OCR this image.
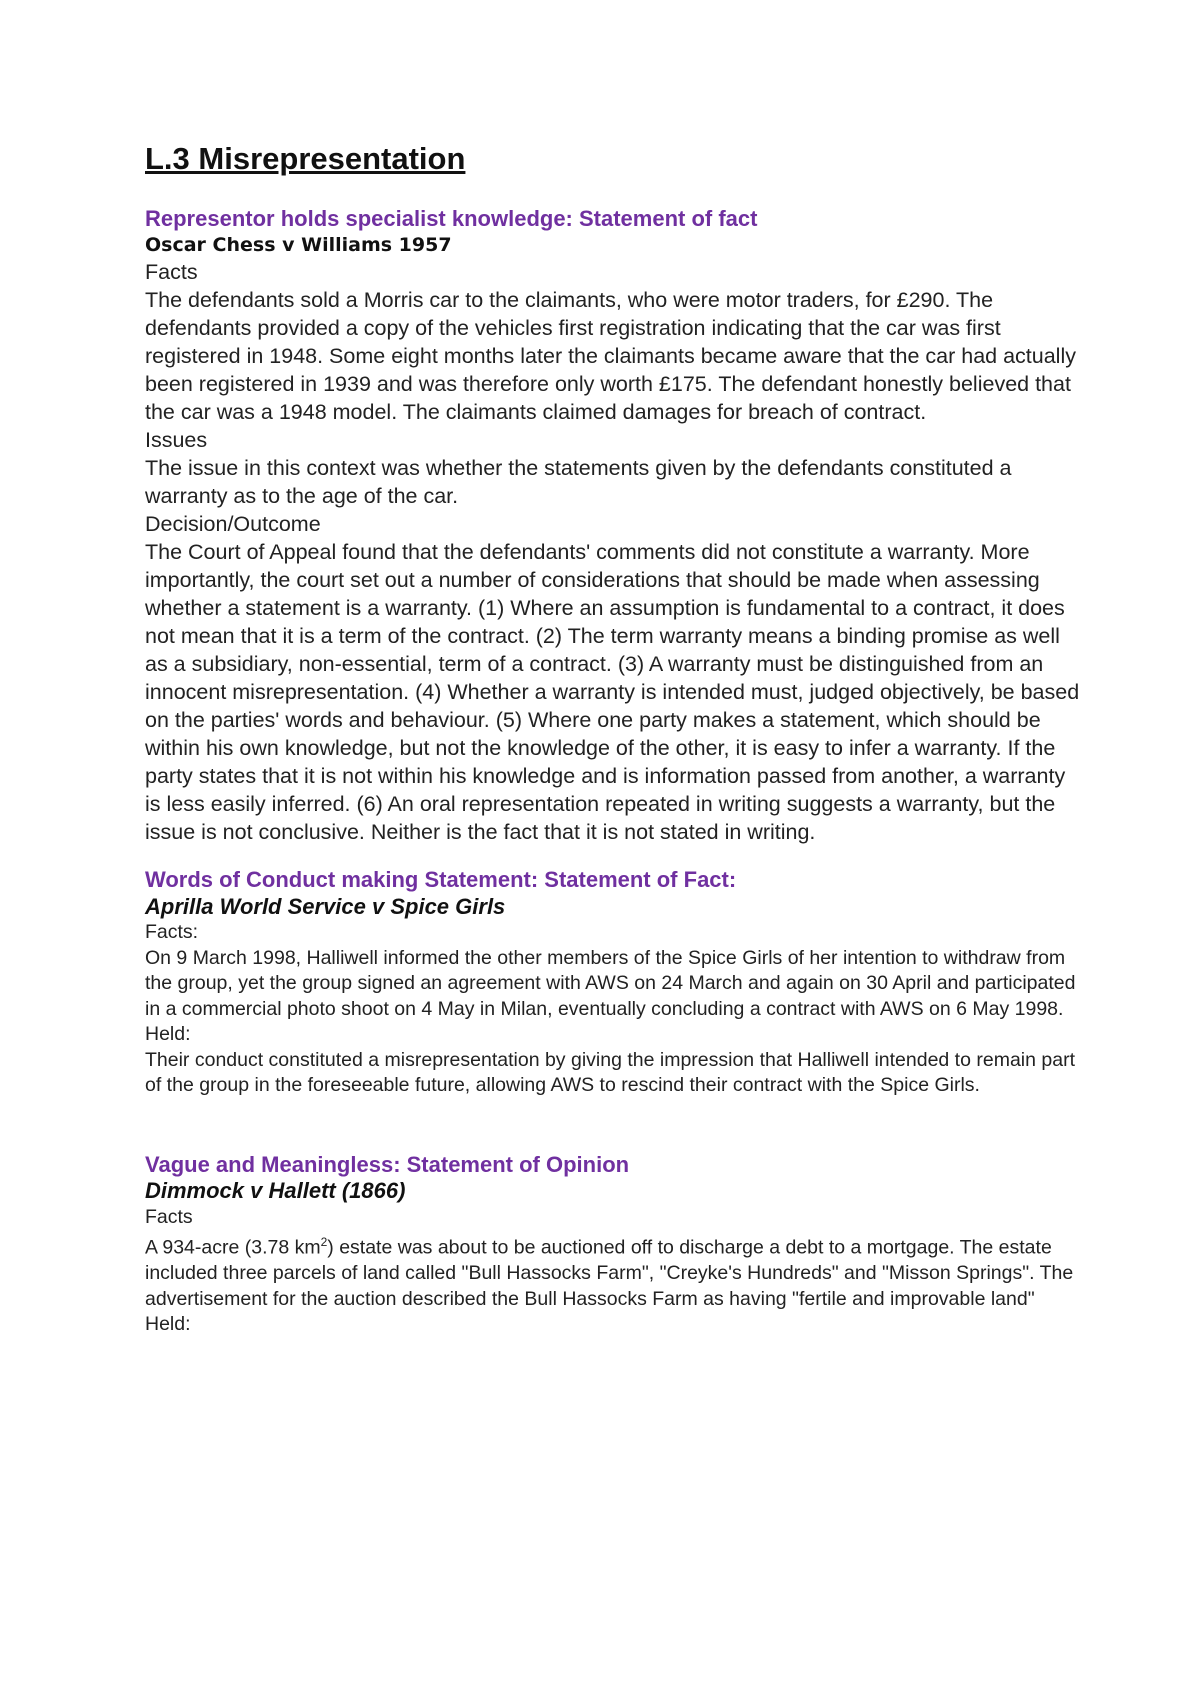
L.3 Misrepresentation

Representor holds specialist knowledge: Statement of fact

Oscar Chess v Williams 1957

Facts

The defendants sold a Morris car to the claimants, who were motor traders, for £290. The defendants provided a copy of the vehicles first registration indicating that the car was first registered in 1948. Some eight months later the claimants became aware that the car had actually been registered in 1939 and was therefore only worth £175. The defendant honestly believed that the car was a 1948 model. The claimants claimed damages for breach of contract.

Issues

The issue in this context was whether the statements given by the defendants constituted a warranty as to the age of the car.

Decision/Outcome

The Court of Appeal found that the defendants' comments did not constitute a warranty. More importantly, the court set out a number of considerations that should be made when assessing whether a statement is a warranty. (1) Where an assumption is fundamental to a contract, it does not mean that it is a term of the contract. (2) The term warranty means a binding promise as well as a subsidiary, non-essential, term of a contract. (3) A warranty must be distinguished from an innocent misrepresentation. (4) Whether a warranty is intended must, judged objectively, be based on the parties' words and behaviour. (5) Where one party makes a statement, which should be within his own knowledge, but not the knowledge of the other, it is easy to infer a warranty. If the party states that it is not within his knowledge and is information passed from another, a warranty is less easily inferred. (6) An oral representation repeated in writing suggests a warranty, but the issue is not conclusive. Neither is the fact that it is not stated in writing.

Words of Conduct making Statement: Statement of Fact:

Aprilla World Service v Spice Girls

Facts:

On 9 March 1998, Halliwell informed the other members of the Spice Girls of her intention to withdraw from the group, yet the group signed an agreement with AWS on 24 March and again on 30 April and participated in a commercial photo shoot on 4 May in Milan, eventually concluding a contract with AWS on 6 May 1998.

Held:

Their conduct constituted a misrepresentation by giving the impression that Halliwell intended to remain part of the group in the foreseeable future, allowing AWS to rescind their contract with the Spice Girls.

Vague and Meaningless: Statement of Opinion

Dimmock v Hallett (1866)

Facts

A 934-acre (3.78 $km^2$) estate was about to be auctioned off to discharge a debt to a mortgage. The estate included three parcels of land called "Bull Hassocks Farm", "Creyke's Hundreds" and "Misson Springs". The advertisement for the auction described the Bull Hassocks Farm as having "fertile and improvable land"

Held:
